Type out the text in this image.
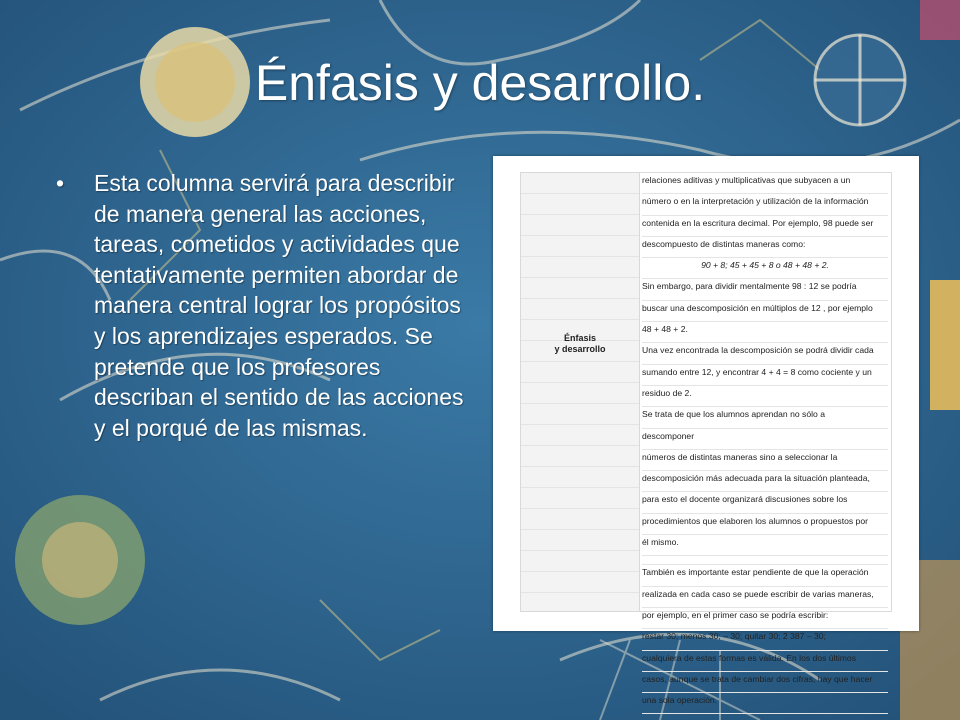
Énfasis y desarrollo.
• Esta columna servirá para describir de manera general las acciones, tareas, cometidos y actividades que tentativamente permiten abordar de manera central lograr los propósitos y los aprendizajes esperados. Se pretende que los profesores describan el sentido de las acciones y el porqué de las mismas.
Énfasis
y desarrollo
relaciones aditivas y multiplicativas que subyacen a un
número o en la interpretación y utilización de la información
contenida en la escritura decimal. Por ejemplo, 98 puede ser
descompuesto de distintas maneras como:
90 + 8; 45 + 45 + 8 o 48 + 48 + 2.
Sin embargo, para dividir mentalmente 98 : 12 se podría
buscar una descomposición en múltiplos de 12 , por ejemplo
48 + 48 + 2.
Una vez encontrada la descomposición se podrá dividir cada
sumando entre 12, y encontrar 4 + 4 = 8 como cociente y un
residuo de 2.
Se trata de que los alumnos aprendan no sólo a
descomponer
números de distintas maneras sino a seleccionar la
descomposición más adecuada para la situación planteada,
para esto el docente organizará discusiones sobre los
procedimientos que elaboren los alumnos o propuestos por
él mismo.
También es importante estar pendiente de que la operación
realizada en cada caso se puede escribir de varias maneras,
por ejemplo, en el primer caso se podría escribir:
restar 30; menos 30; – 30; quitar 30; 2 387 – 30;
cualquiera de estas formas es válida. En los dos últimos
casos, aunque se trata de cambiar dos cifras, hay que hacer
una sola operación.
